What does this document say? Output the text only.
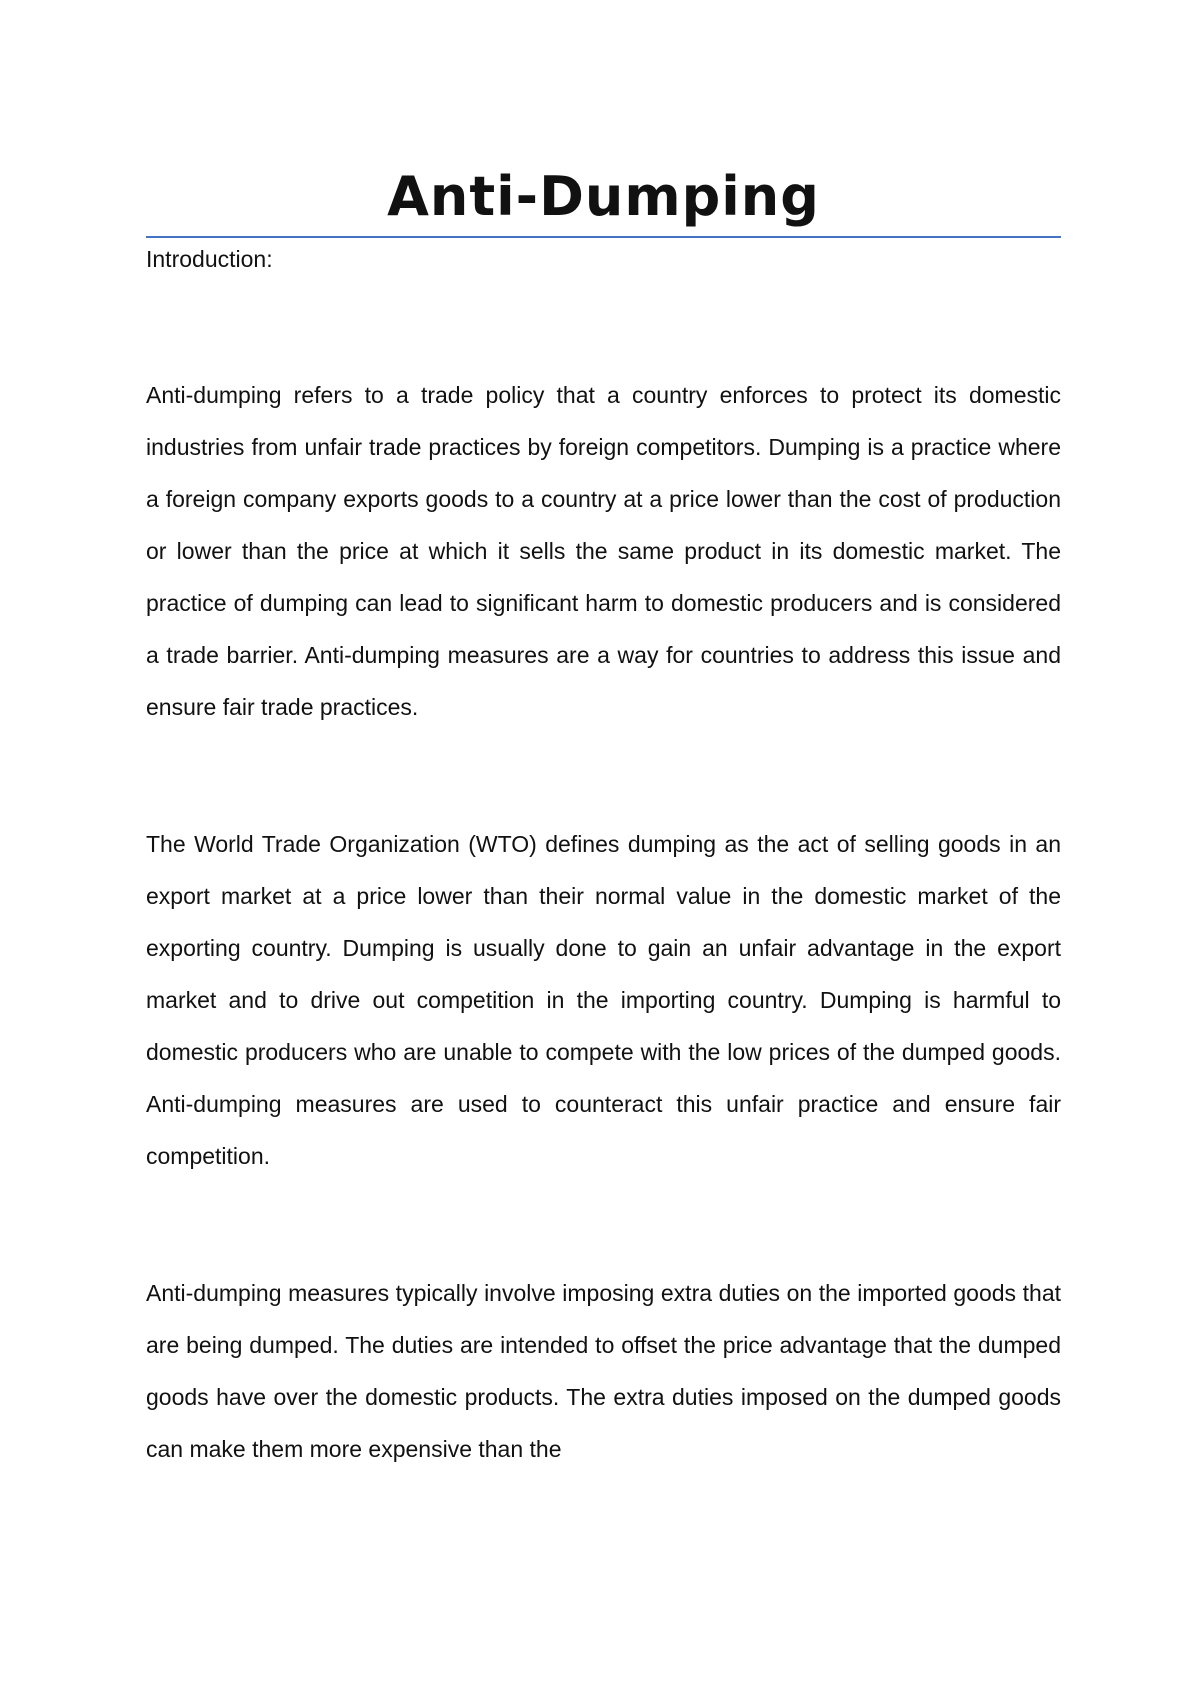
Anti-Dumping

Introduction:

Anti-dumping refers to a trade policy that a country enforces to protect its domestic industries from unfair trade practices by foreign competitors. Dumping is a practice where a foreign company exports goods to a country at a price lower than the cost of production or lower than the price at which it sells the same product in its domestic market. The practice of dumping can lead to significant harm to domestic producers and is considered a trade barrier. Anti-dumping measures are a way for countries to address this issue and ensure fair trade practices.

The World Trade Organization (WTO) defines dumping as the act of selling goods in an export market at a price lower than their normal value in the domestic market of the exporting country. Dumping is usually done to gain an unfair advantage in the export market and to drive out competition in the importing country. Dumping is harmful to domestic producers who are unable to compete with the low prices of the dumped goods. Anti-dumping measures are used to counteract this unfair practice and ensure fair competition.

Anti-dumping measures typically involve imposing extra duties on the imported goods that are being dumped. The duties are intended to offset the price advantage that the dumped goods have over the domestic products. The extra duties imposed on the dumped goods can make them more expensive than the
